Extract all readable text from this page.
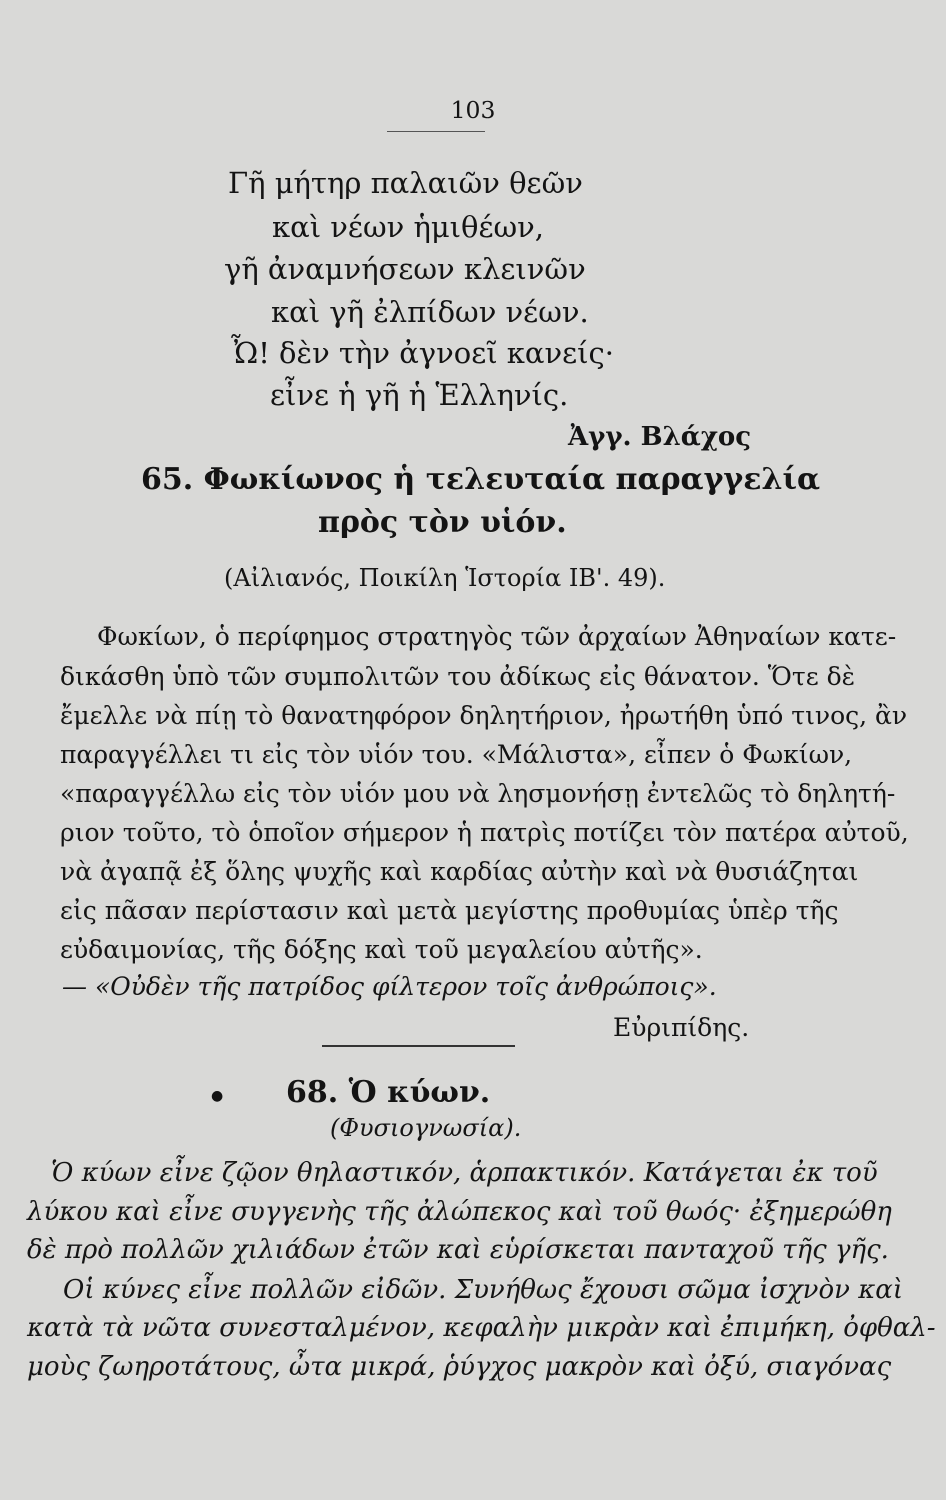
103
Γῆ μήτηρ παλαιῶν θεῶν
καὶ νέων ἡμιθέων,
γῆ ἀναμνήσεων κλεινῶν
καὶ γῆ ἐλπίδων νέων.
Ὦ! δὲν τὴν ἀγνοεῖ κανείς·
εἶνε ἡ γῆ ἡ Ἑλληνίς.
Ἀγγ. Βλάχος
65. Φωκίωνος ἡ τελευταία παραγγελία
πρὸς τὸν υἱόν.
(Αἰλιανός, Ποικίλη Ἱστορία ΙΒ'. 49).
Φωκίων, ὁ περίφημος στρατηγὸς τῶν ἀρχαίων Ἀθηναίων κατε-
δικάσθη ὑπὸ τῶν συμπολιτῶν του ἀδίκως εἰς θάνατον. Ὅτε δὲ
ἔμελλε νὰ πίῃ τὸ θανατηφόρον δηλητήριον, ἠρωτήθη ὑπό τινος, ἂν
παραγγέλλει τι εἰς τὸν υἱόν του. «Μάλιστα», εἶπεν ὁ Φωκίων,
«παραγγέλλω εἰς τὸν υἱόν μου νὰ λησμονήσῃ ἐντελῶς τὸ δηλητή-
ριον τοῦτο, τὸ ὁποῖον σήμερον ἡ πατρὶς ποτίζει τὸν πατέρα αὐτοῦ,
νὰ ἀγαπᾷ ἐξ ὅλης ψυχῆς καὶ καρδίας αὐτὴν καὶ νὰ θυσιάζηται
εἰς πᾶσαν περίστασιν καὶ μετὰ μεγίστης προθυμίας ὑπὲρ τῆς
εὐδαιμονίας, τῆς δόξης καὶ τοῦ μεγαλείου αὐτῆς».
— «Οὐδὲν τῆς πατρίδος φίλτερον τοῖς ἀνθρώποις».
Εὐριπίδης.
● 68. Ὁ κύων.
(Φυσιογνωσία).
Ὁ κύων εἶνε ζῷον θηλαστικόν, ἁρπακτικόν. Κατάγεται ἐκ τοῦ
λύκου καὶ εἶνε συγγενὴς τῆς ἀλώπεκος καὶ τοῦ θωός· ἐξημερώθη
δὲ πρὸ πολλῶν χιλιάδων ἐτῶν καὶ εὑρίσκεται πανταχοῦ τῆς γῆς.
Οἱ κύνες εἶνε πολλῶν εἰδῶν. Συνήθως ἔχουσι σῶμα ἰσχνὸν καὶ
κατὰ τὰ νῶτα συνεσταλμένον, κεφαλὴν μικρὰν καὶ ἐπιμήκη, ὀφθαλ-
μοὺς ζωηροτάτους, ὦτα μικρά, ῥύγχος μακρὸν καὶ ὀξύ, σιαγόνας
